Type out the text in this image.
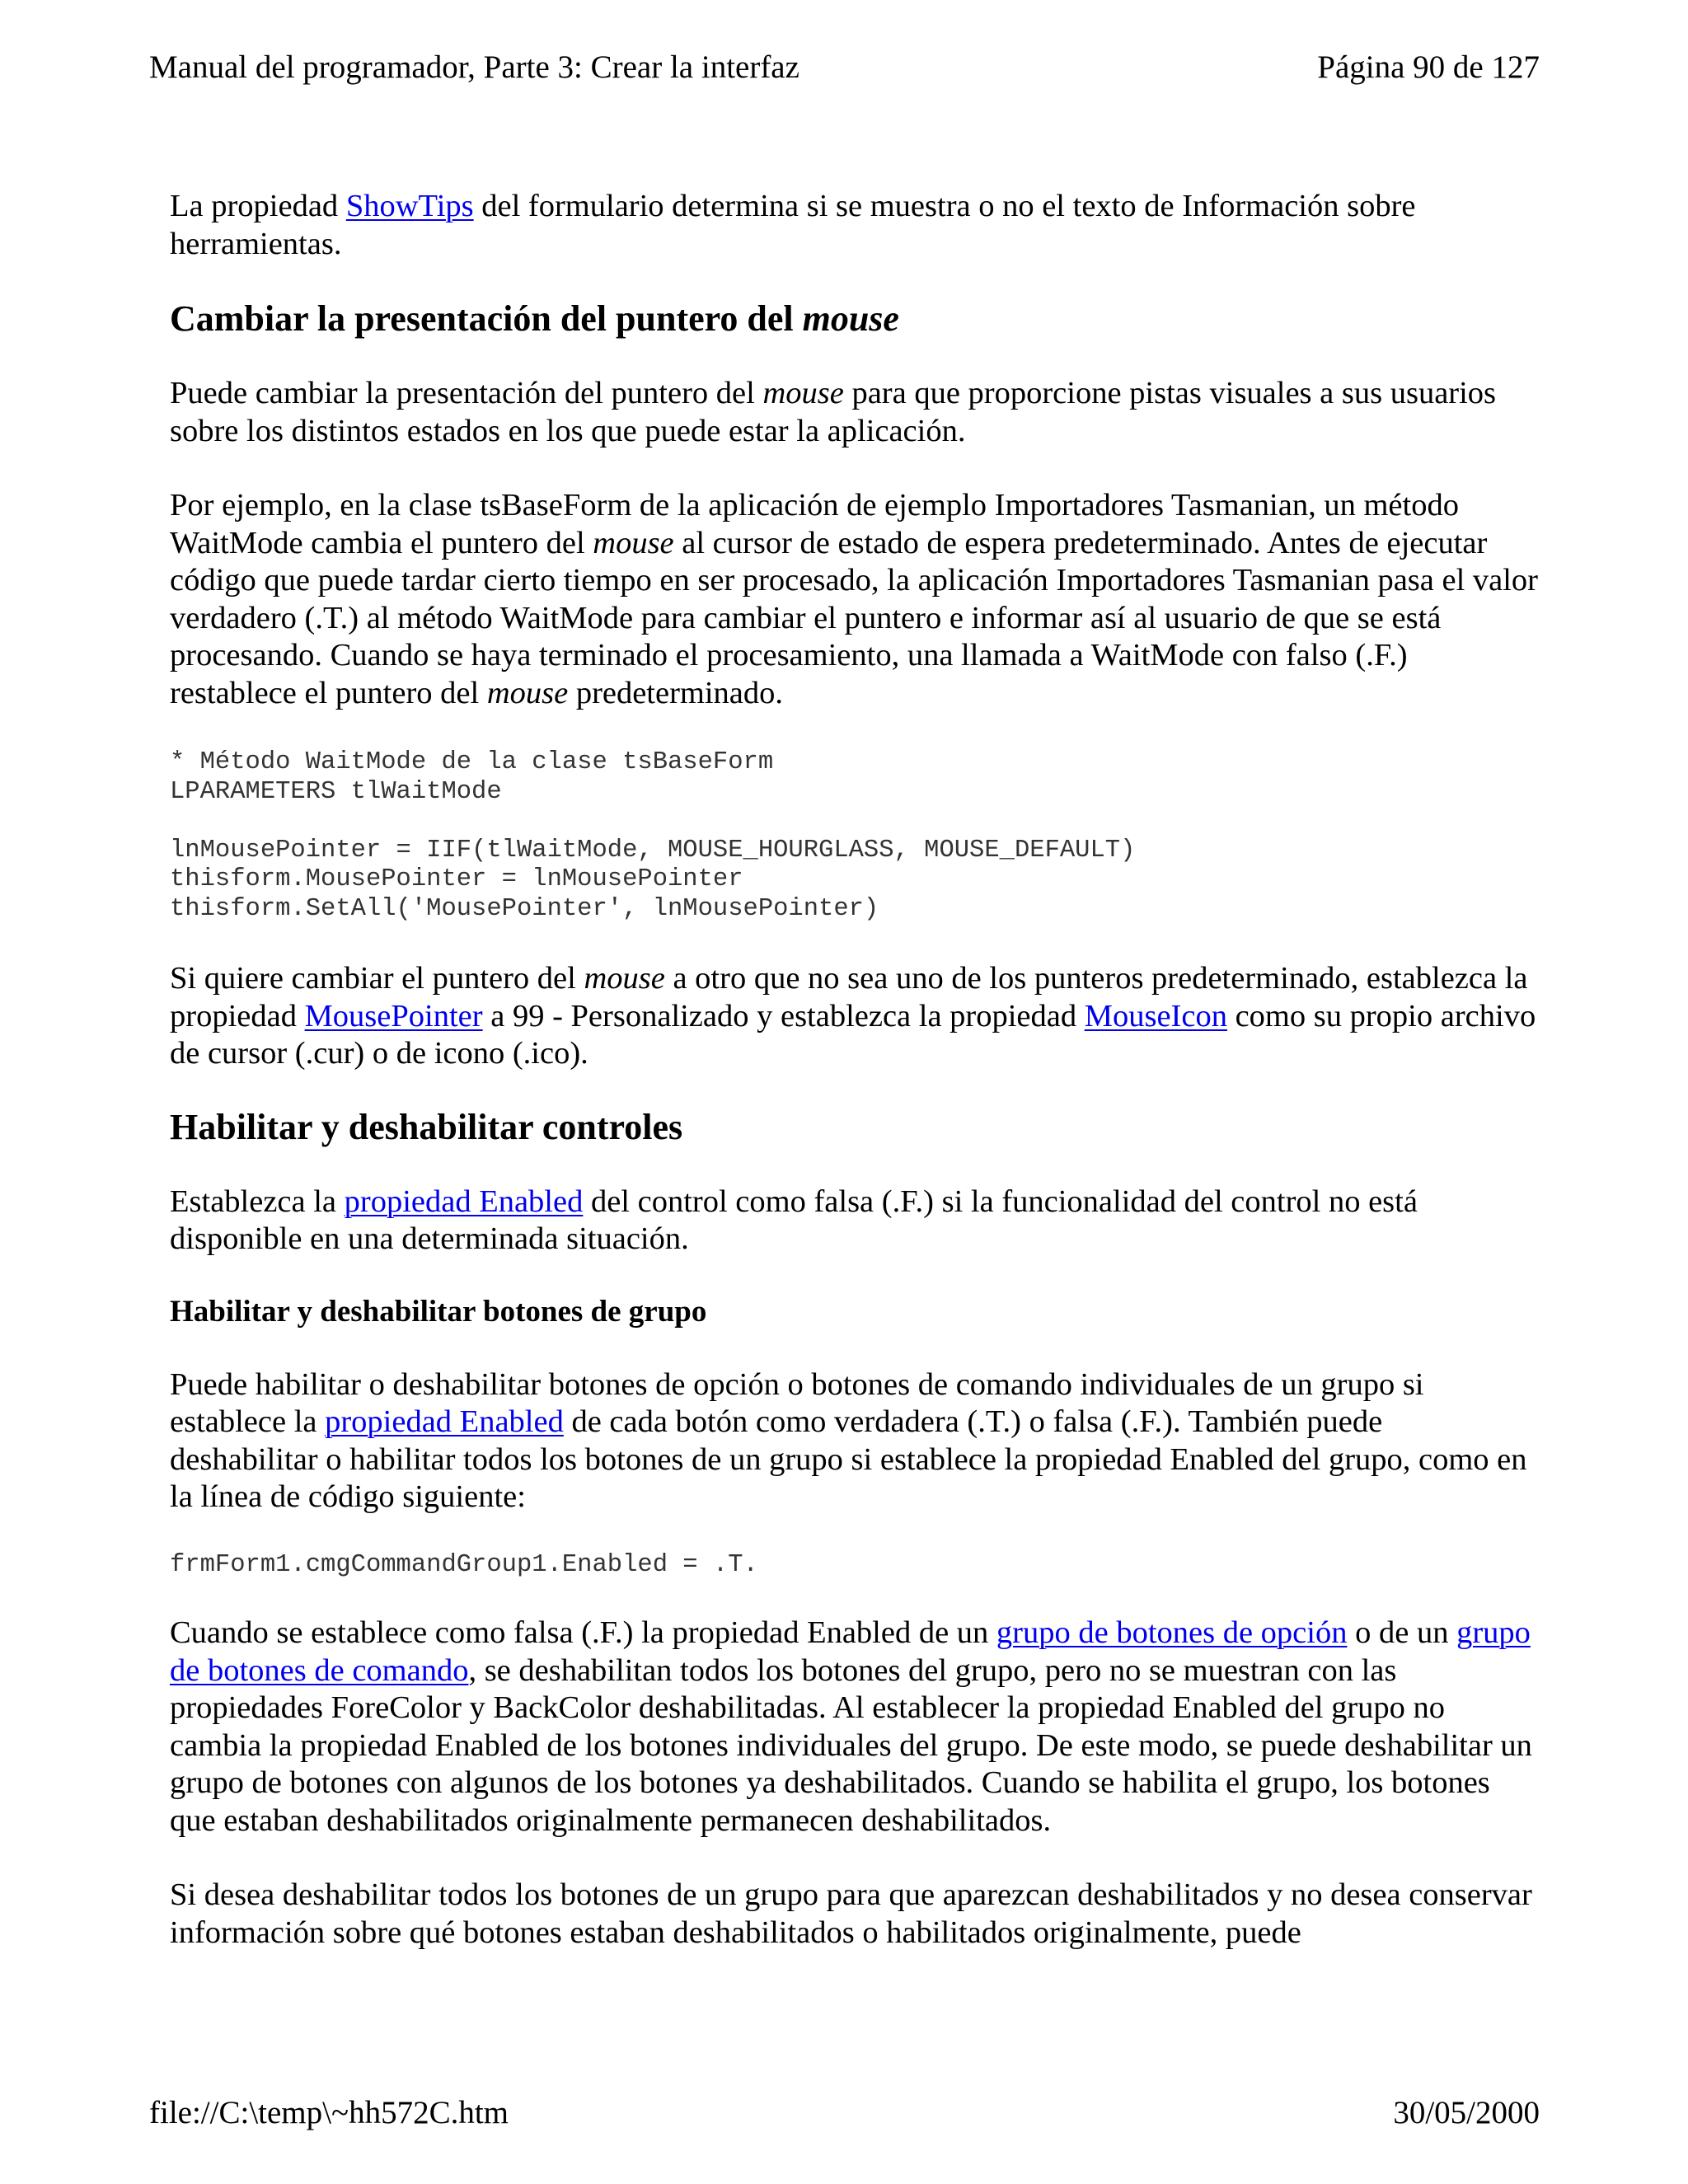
Manual del programador, Parte 3: Crear la interfaz	Página 90 de 127

La propiedad ShowTips del formulario determina si se muestra o no el texto de Información sobre herramientas.

Cambiar la presentación del puntero del mouse

Puede cambiar la presentación del puntero del mouse para que proporcione pistas visuales a sus usuarios sobre los distintos estados en los que puede estar la aplicación.

Por ejemplo, en la clase tsBaseForm de la aplicación de ejemplo Importadores Tasmanian, un método WaitMode cambia el puntero del mouse al cursor de estado de espera predeterminado. Antes de ejecutar código que puede tardar cierto tiempo en ser procesado, la aplicación Importadores Tasmanian pasa el valor verdadero (.T.) al método WaitMode para cambiar el puntero e informar así al usuario de que se está procesando. Cuando se haya terminado el procesamiento, una llamada a WaitMode con falso (.F.) restablece el puntero del mouse predeterminado.

* Método WaitMode de la clase tsBaseForm
LPARAMETERS tlWaitMode

lnMousePointer = IIF(tlWaitMode, MOUSE_HOURGLASS, MOUSE_DEFAULT)
thisform.MousePointer = lnMousePointer
thisform.SetAll('MousePointer', lnMousePointer)

Si quiere cambiar el puntero del mouse a otro que no sea uno de los punteros predeterminado, establezca la propiedad MousePointer a 99 - Personalizado y establezca la propiedad MouseIcon como su propio archivo de cursor (.cur) o de icono (.ico).

Habilitar y deshabilitar controles

Establezca la propiedad Enabled del control como falsa (.F.) si la funcionalidad del control no está disponible en una determinada situación.

Habilitar y deshabilitar botones de grupo

Puede habilitar o deshabilitar botones de opción o botones de comando individuales de un grupo si establece la propiedad Enabled de cada botón como verdadera (.T.) o falsa (.F.). También puede deshabilitar o habilitar todos los botones de un grupo si establece la propiedad Enabled del grupo, como en la línea de código siguiente:

frmForm1.cmgCommandGroup1.Enabled = .T.

Cuando se establece como falsa (.F.) la propiedad Enabled de un grupo de botones de opción o de un grupo de botones de comando, se deshabilitan todos los botones del grupo, pero no se muestran con las propiedades ForeColor y BackColor deshabilitadas. Al establecer la propiedad Enabled del grupo no cambia la propiedad Enabled de los botones individuales del grupo. De este modo, se puede deshabilitar un grupo de botones con algunos de los botones ya deshabilitados. Cuando se habilita el grupo, los botones que estaban deshabilitados originalmente permanecen deshabilitados.

Si desea deshabilitar todos los botones de un grupo para que aparezcan deshabilitados y no desea conservar información sobre qué botones estaban deshabilitados o habilitados originalmente, puede

file://C:\temp\~hh572C.htm	30/05/2000
